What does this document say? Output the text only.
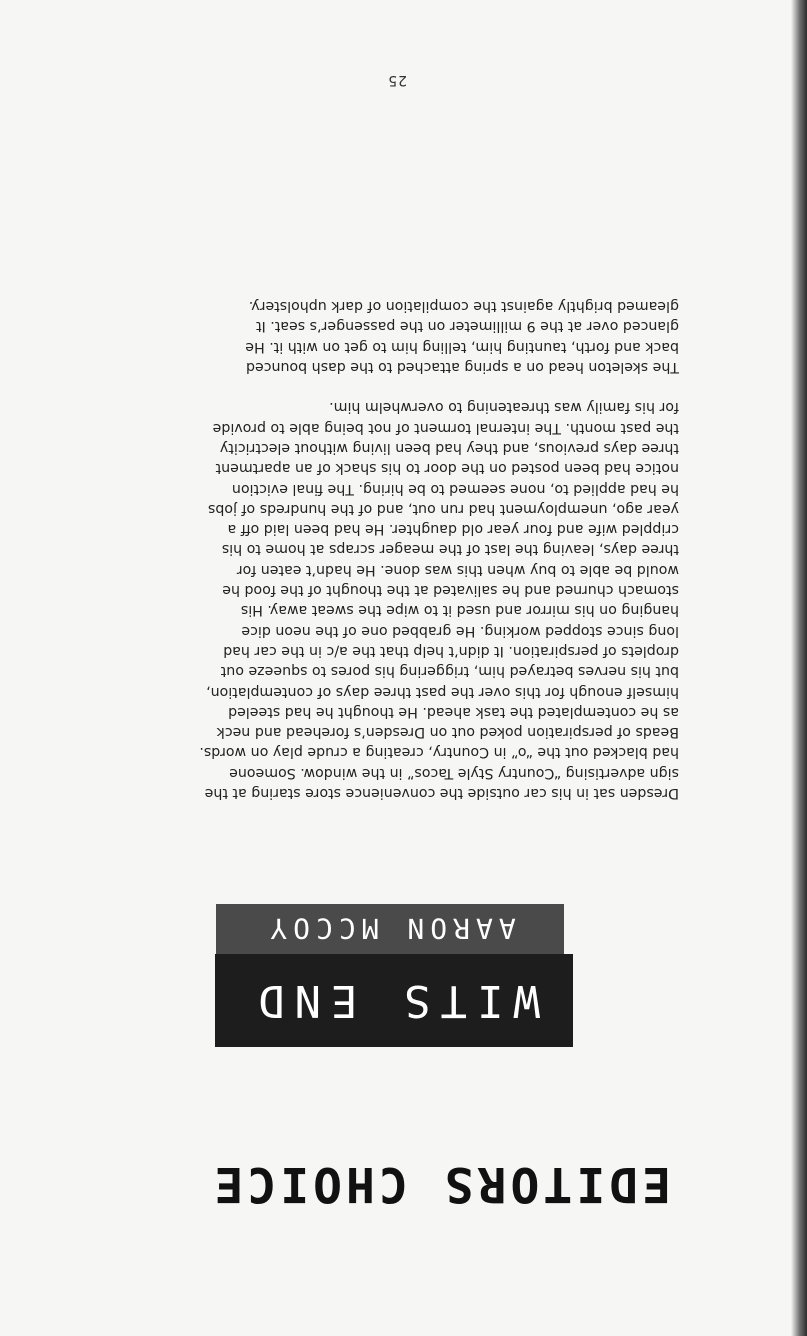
EDITORS CHOICE
WITS END
AARON MCCOY

Dresden sat in his car outside the convenience store staring at the
sign advertising “Country Style Tacos” in the window. Someone
had blacked out the “o” in Country, creating a crude play on words.
Beads of perspiration poked out on Dresden’s forehead and neck
as he contemplated the task ahead. He thought he had steeled
himself enough for this over the past three days of contemplation,
but his nerves betrayed him, triggering his pores to squeeze out
droplets of perspiration. It didn’t help that the a/c in the car had
long since stopped working. He grabbed one of the neon dice
hanging on his mirror and used it to wipe the sweat away. His
stomach churned and he salivated at the thought of the food he
would be able to buy when this was done. He hadn’t eaten for
three days, leaving the last of the meager scraps at home to his
crippled wife and four year old daughter. He had been laid off a
year ago, unemployment had run out, and of the hundreds of jobs
he had applied to, none seemed to be hiring. The final eviction
notice had been posted on the door to his shack of an apartment
three days previous, and they had been living without electricity
the past month. The internal torment of not being able to provide
for his family was threatening to overwhelm him.

The skeleton head on a spring attached to the dash bounced
back and forth, taunting him, telling him to get on with it. He
glanced over at the 9 millimeter on the passenger’s seat. It
gleamed brightly against the compilation of dark upholstery.

25
